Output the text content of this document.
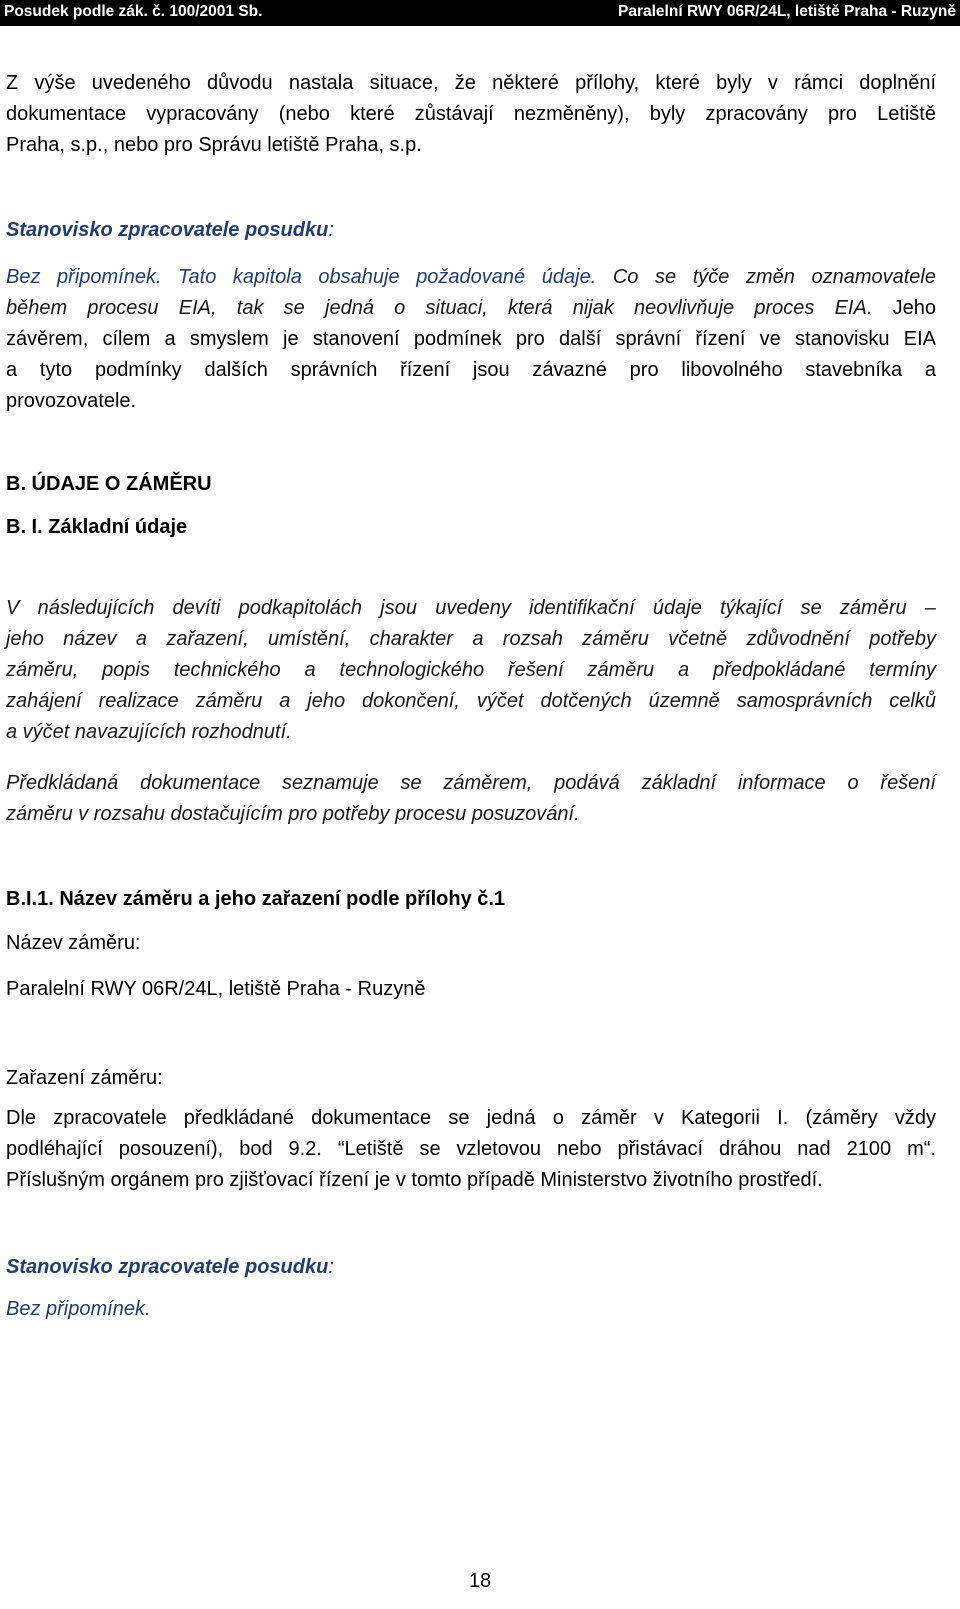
Posudek podle zák. č. 100/2001 Sb.	Paralelní RWY 06R/24L, letiště Praha - Ruzyně

Z výše uvedeného důvodu nastala situace, že některé přílohy, které byly v rámci doplnění
dokumentace vypracovány (nebo které zůstávají nezměněny), byly zpracovány pro Letiště
Praha, s.p., nebo pro Správu letiště Praha, s.p.

Stanovisko zpracovatele posudku:

Bez připomínek. Tato kapitola obsahuje požadované údaje. Co se týče změn oznamovatele
během procesu EIA, tak se jedná o situaci, která nijak neovlivňuje proces EIA. Jeho
závěrem, cílem a smyslem je stanovení podmínek pro další správní řízení ve stanovisku EIA
a tyto podmínky dalších správních řízení jsou závazné pro libovolného stavebníka a
provozovatele.

B. ÚDAJE O ZÁMĚRU
B. I. Základní údaje

V následujících devíti podkapitolách jsou uvedeny identifikační údaje týkající se záměru –
jeho název a zařazení, umístění, charakter a rozsah záměru včetně zdůvodnění potřeby
záměru, popis technického a technologického řešení záměru a předpokládané termíny
zahájení realizace záměru a jeho dokončení, výčet dotčených územně samosprávních celků
a výčet navazujících rozhodnutí.

Předkládaná dokumentace seznamuje se záměrem, podává základní informace o řešení
záměru v rozsahu dostačujícím pro potřeby procesu posuzování.

B.I.1. Název záměru a jeho zařazení podle přílohy č.1

Název záměru:

Paralelní RWY 06R/24L, letiště Praha - Ruzyně

Zařazení záměru:

Dle zpracovatele předkládané dokumentace se jedná o záměr v Kategorii I. (záměry vždy
podléhající posouzení), bod 9.2. “Letiště se vzletovou nebo přistávací dráhou nad 2100 m“.
Příslušným orgánem pro zjišťovací řízení je v tomto případě Ministerstvo životního prostředí.

Stanovisko zpracovatele posudku:

Bez připomínek.

18
